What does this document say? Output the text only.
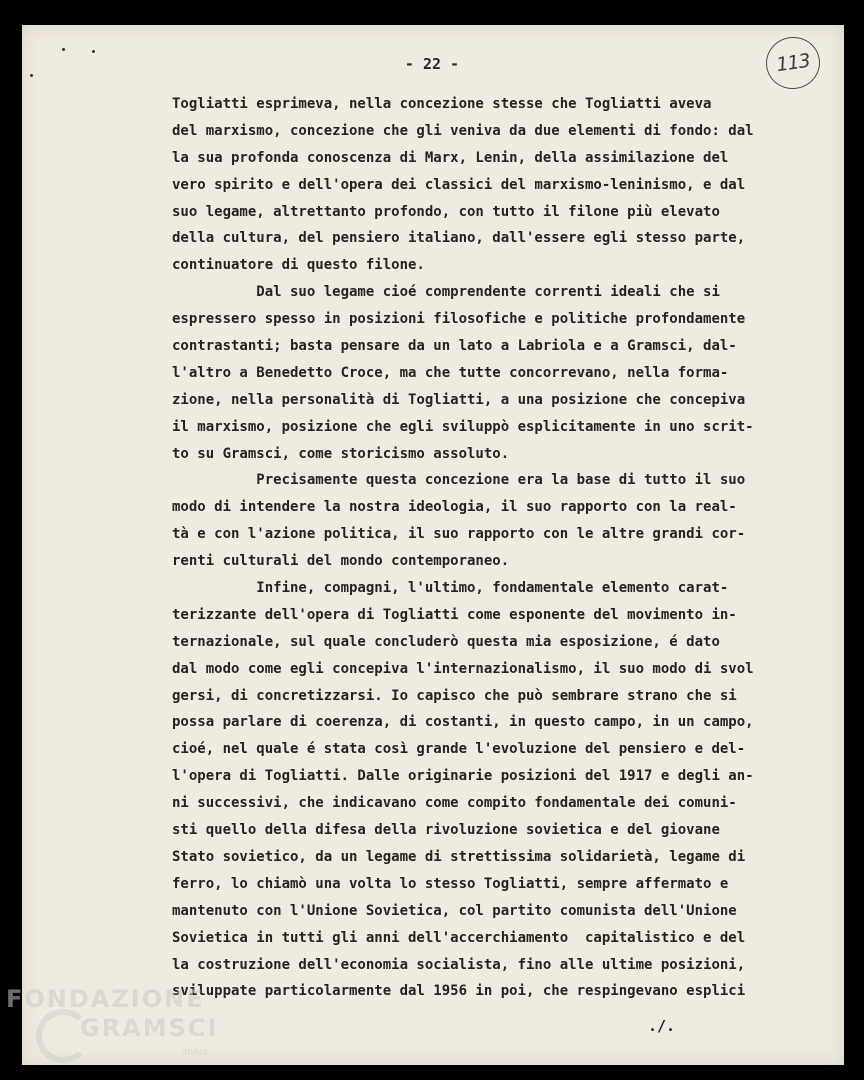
- 22 -	113
Togliatti esprimeva, nella concezione stesse che Togliatti aveva
del marxismo, concezione che gli veniva da due elementi di fondo: dal
la sua profonda conoscenza di Marx, Lenin, della assimilazione del
vero spirito e dell'opera dei classici del marxismo-leninismo, e dal
suo legame, altrettanto profondo, con tutto il filone più elevato
della cultura, del pensiero italiano, dall'essere egli stesso parte,
continuatore di questo filone.
Dal suo legame cioé comprendente correnti ideali che si
espressero spesso in posizioni filosofiche e politiche profondamente
contrastanti; basta pensare da un lato a Labriola e a Gramsci, dal-
l'altro a Benedetto Croce, ma che tutte concorrevano, nella forma-
zione, nella personalità di Togliatti, a una posizione che concepiva
il marxismo, posizione che egli sviluppò esplicitamente in uno scrit-
to su Gramsci, come storicismo assoluto.
Precisamente questa concezione era la base di tutto il suo
modo di intendere la nostra ideologia, il suo rapporto con la real-
tà e con l'azione politica, il suo rapporto con le altre grandi cor-
renti culturali del mondo contemporaneo.
Infine, compagni, l'ultimo, fondamentale elemento carat-
terizzante dell'opera di Togliatti come esponente del movimento in-
ternazionale, sul quale concluderò questa mia esposizione, é dato
dal modo come egli concepiva l'internazionalismo, il suo modo di svol
gersi, di concretizzarsi. Io capisco che può sembrare strano che si
possa parlare di coerenza, di costanti, in questo campo, in un campo,
cioé, nel quale é stata così grande l'evoluzione del pensiero e del-
l'opera di Togliatti. Dalle originarie posizioni del 1917 e degli an-
ni successivi, che indicavano come compito fondamentale dei comuni-
sti quello della difesa della rivoluzione sovietica e del giovane
Stato sovietico, da un legame di strettissima solidarietà, legame di
ferro, lo chiamò una volta lo stesso Togliatti, sempre affermato e
mantenuto con l'Unione Sovietica, col partito comunista dell'Unione
Sovietica in tutti gli anni dell'accerchiamento  capitalistico e del
la costruzione dell'economia socialista, fino alle ultime posizioni,
sviluppate particolarmente dal 1956 in poi, che respingevano esplici
./.
FONDAZIONE
GRAMSCI
onlus
